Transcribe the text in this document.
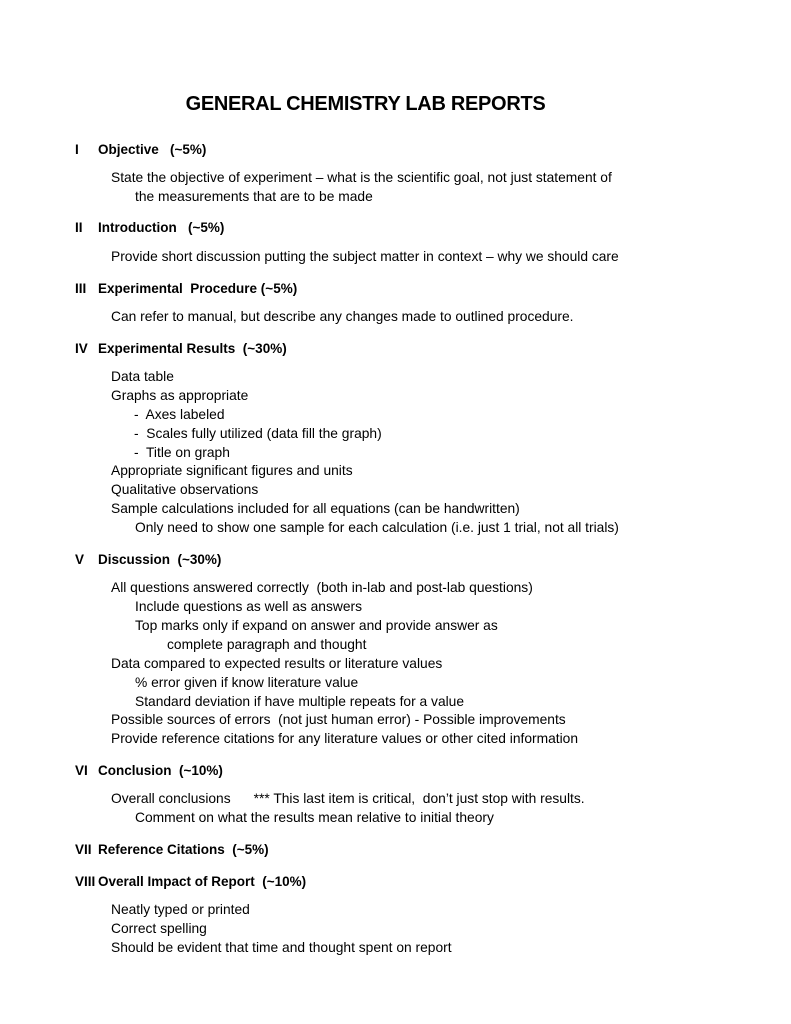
GENERAL CHEMISTRY LAB REPORTS

I

Objective   (~5%)

State the objective of experiment – what is the scientific goal, not just statement of
the measurements that are to be made

II

Introduction   (~5%)

Provide short discussion putting the subject matter in context – why we should care

III

Experimental  Procedure (~5%)

Can refer to manual, but describe any changes made to outlined procedure.

IV

Experimental Results  (~30%)

Data table
Graphs as appropriate
-  Axes labeled
-  Scales fully utilized (data fill the graph)
-  Title on graph
Appropriate significant figures and units
Qualitative observations
Sample calculations included for all equations (can be handwritten)
Only need to show one sample for each calculation (i.e. just 1 trial, not all trials)

V

Discussion  (~30%)

All questions answered correctly  (both in-lab and post-lab questions)
Include questions as well as answers
Top marks only if expand on answer and provide answer as
complete paragraph and thought
Data compared to expected results or literature values
% error given if know literature value
Standard deviation if have multiple repeats for a value
Possible sources of errors  (not just human error) - Possible improvements
Provide reference citations for any literature values or other cited information

VI

Conclusion  (~10%)

Overall conclusions      *** This last item is critical,  don’t just stop with results.
Comment on what the results mean relative to initial theory

VII

Reference Citations  (~5%)

VIII

Overall Impact of Report  (~10%)

Neatly typed or printed
Correct spelling
Should be evident that time and thought spent on report
